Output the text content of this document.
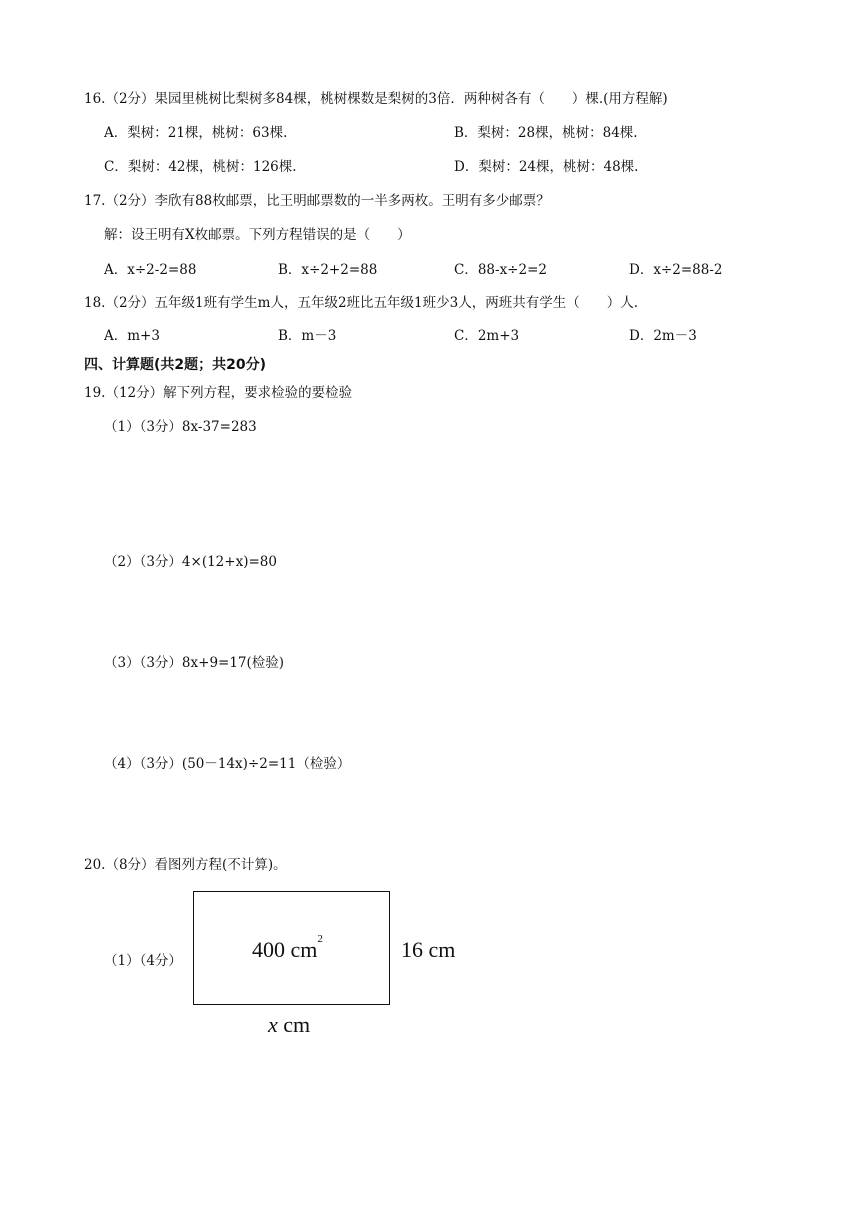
16.（2分）果园里桃树比梨树多84棵，桃树棵数是梨树的3倍．两种树各有（　　）棵.(用方程解)
A．梨树：21棵，桃树：63棵.	B．梨树：28棵，桃树：84棵.
C．梨树：42棵，桃树：126棵.	D．梨树：24棵，桃树：48棵.
17.（2分）李欣有88枚邮票，比王明邮票数的一半多两枚。王明有多少邮票？
解：设王明有X枚邮票。下列方程错误的是（　　）
A．x÷2-2=88	B．x÷2+2=88	C．88-x÷2=2	D．x÷2=88-2
18.（2分）五年级1班有学生m人，五年级2班比五年级1班少3人，两班共有学生（　　）人.
A．m+3	B．m－3	C．2m+3	D．2m－3
四、计算题(共2题；共20分)
19.（12分）解下列方程，要求检验的要检验
（1）（3分）8x-37=283
（2）（3分）4×(12+x)=80
（3）（3分）8x+9=17(检验)
（4）（3分）(50－14x)÷2=11（检验）
20.（8分）看图列方程(不计算)。
（1）（4分）	400 $cm^2$	16 cm
x cm
